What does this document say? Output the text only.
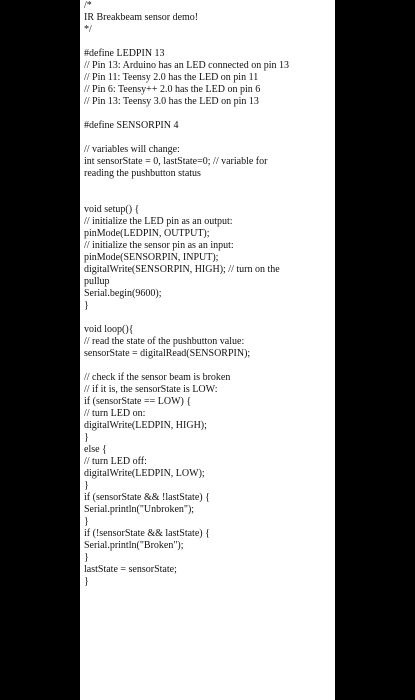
/*
IR Breakbeam sensor demo!
*/
#define LEDPIN 13
// Pin 13: Arduino has an LED connected on pin 13
// Pin 11: Teensy 2.0 has the LED on pin 11
// Pin 6: Teensy++ 2.0 has the LED on pin 6
// Pin 13: Teensy 3.0 has the LED on pin 13
#define SENSORPIN 4
// variables will change:
int sensorState = 0, lastState=0; // variable for
reading the pushbutton status
void setup() {
// initialize the LED pin as an output:
pinMode(LEDPIN, OUTPUT);
// initialize the sensor pin as an input:
pinMode(SENSORPIN, INPUT);
digitalWrite(SENSORPIN, HIGH); // turn on the
pullup
Serial.begin(9600);
}
void loop(){
// read the state of the pushbutton value:
sensorState = digitalRead(SENSORPIN);
// check if the sensor beam is broken
// if it is, the sensorState is LOW:
if (sensorState == LOW) {
// turn LED on:
digitalWrite(LEDPIN, HIGH);
}
else {
// turn LED off:
digitalWrite(LEDPIN, LOW);
}
if (sensorState && !lastState) {
Serial.println("Unbroken");
}
if (!sensorState && lastState) {
Serial.println("Broken");
}
lastState = sensorState;
}
